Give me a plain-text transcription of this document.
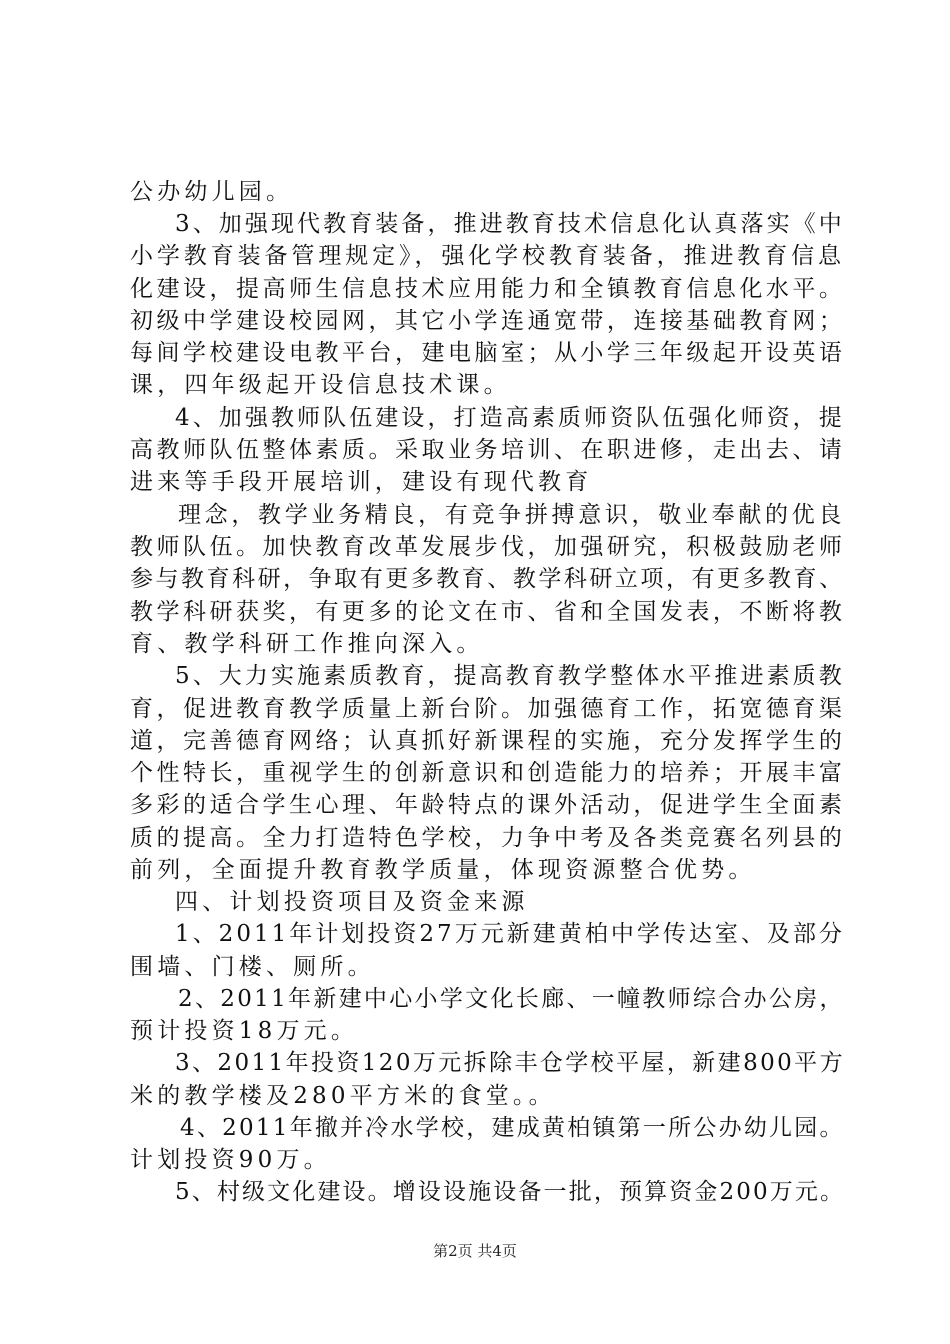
公办幼儿园。
3、加强现代教育装备，推进教育技术信息化认真落实《中
小学教育装备管理规定》，强化学校教育装备，推进教育信息
化建设，提高师生信息技术应用能力和全镇教育信息化水平。
初级中学建设校园网，其它小学连通宽带，连接基础教育网；
每间学校建设电教平台，建电脑室；从小学三年级起开设英语
课，四年级起开设信息技术课。
4、加强教师队伍建设，打造高素质师资队伍强化师资，提
高教师队伍整体素质。采取业务培训、在职进修，走出去、请
进来等手段开展培训，建设有现代教育
理念，教学业务精良，有竞争拼搏意识，敬业奉献的优良
教师队伍。加快教育改革发展步伐，加强研究，积极鼓励老师
参与教育科研，争取有更多教育、教学科研立项，有更多教育、
教学科研获奖，有更多的论文在市、省和全国发表，不断将教
育、教学科研工作推向深入。
5、大力实施素质教育，提高教育教学整体水平推进素质教
育，促进教育教学质量上新台阶。加强德育工作，拓宽德育渠
道，完善德育网络；认真抓好新课程的实施，充分发挥学生的
个性特长，重视学生的创新意识和创造能力的培养；开展丰富
多彩的适合学生心理、年龄特点的课外活动，促进学生全面素
质的提高。全力打造特色学校，力争中考及各类竞赛名列县的
前列，全面提升教育教学质量，体现资源整合优势。
四、计划投资项目及资金来源
1、2011年计划投资27万元新建黄柏中学传达室、及部分
围墙、门楼、厕所。
2、2011年新建中心小学文化长廊、一幢教师综合办公房，
预计投资18万元。
3、2011年投资120万元拆除丰仓学校平屋，新建800平方
米的教学楼及280平方米的食堂。。
4、2011年撤并冷水学校，建成黄柏镇第一所公办幼儿园。
计划投资90万。
5、村级文化建设。增设设施设备一批，预算资金200万元。
第2页 共4页
